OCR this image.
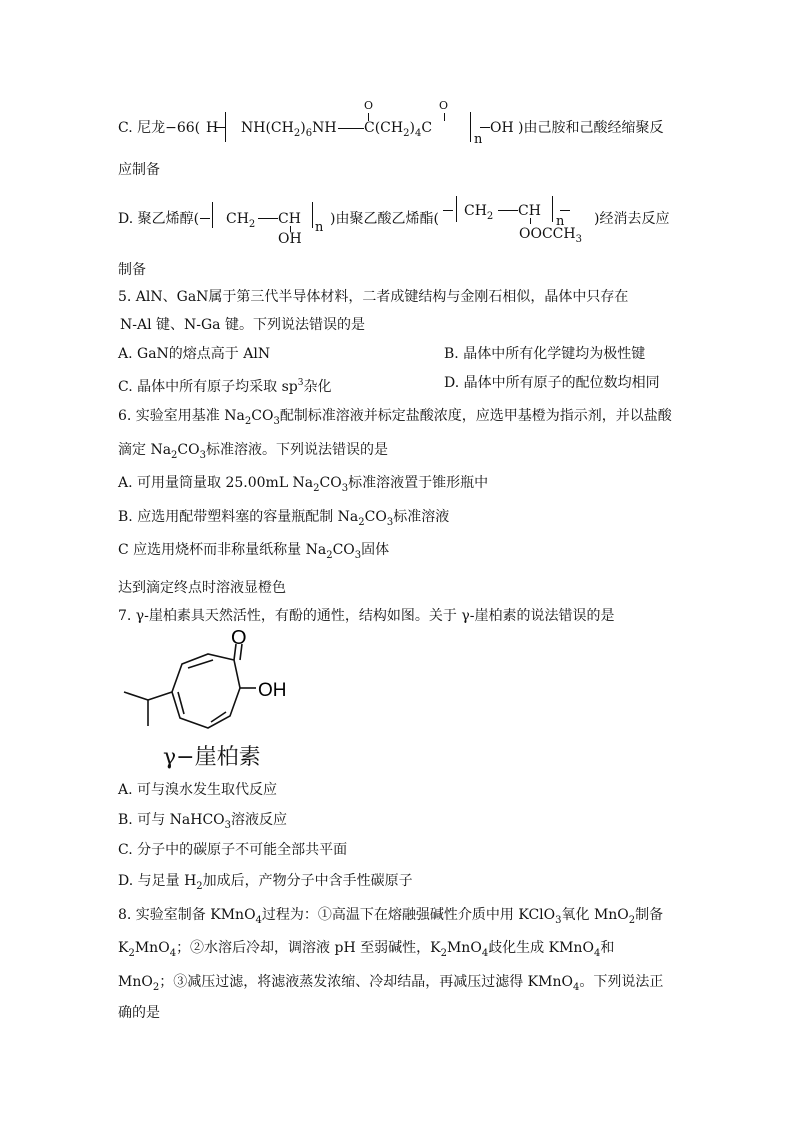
C. 尼龙−66( H $NH(CH_2)_6NH$
O
$C(CH_2)_4C$
O
n
OH )由己胺和己酸经缩聚反
应制备
D. 聚乙烯醇( $CH_2$ CH
OH
n
)由聚乙酸乙烯酯( $CH_2$ CH
$OOCCH_3$
n )经消去反应
制备
5. AlN、GaN属于第三代半导体材料，二者成键结构与金刚石相似，晶体中只存在
N-Al 键、N-Ga 键。下列说法错误的是
A. GaN的熔点高于 AlN	B. 晶体中所有化学键均为极性键
C. 晶体中所有原子均采取 $sp^3$杂化	D. 晶体中所有原子的配位数均相同
6. 实验室用基准 $Na_2CO_3$配制标准溶液并标定盐酸浓度，应选甲基橙为指示剂，并以盐酸
滴定 $Na_2CO_3$标准溶液。下列说法错误的是
A. 可用量筒量取 25.00mL $Na_2CO_3$标准溶液置于锥形瓶中
B. 应选用配带塑料塞的容量瓶配制 $Na_2CO_3$标准溶液
C 应选用烧杯而非称量纸称量 $Na_2CO_3$固体
达到滴定终点时溶液显橙色
7. γ-崖柏素具天然活性，有酚的通性，结构如图。关于 γ-崖柏素的说法错误的是
O
OH
γ−崖柏素
A. 可与溴水发生取代反应
B. 可与 NaHCO$_3$溶液反应
C. 分子中的碳原子不可能全部共平面
D. 与足量 $H_2$加成后，产物分子中含手性碳原子
8. 实验室制备 KMnO$_4$过程为：①高温下在熔融强碱性介质中用 KClO$_3$氧化 MnO$_2$制备
$K_2MnO_4$；②水溶后冷却，调溶液 pH 至弱碱性，$K_2MnO_4$歧化生成 KMnO$_4$和
MnO$_2$；③减压过滤，将滤液蒸发浓缩、冷却结晶，再减压过滤得 KMnO$_4$。下列说法正
确的是
